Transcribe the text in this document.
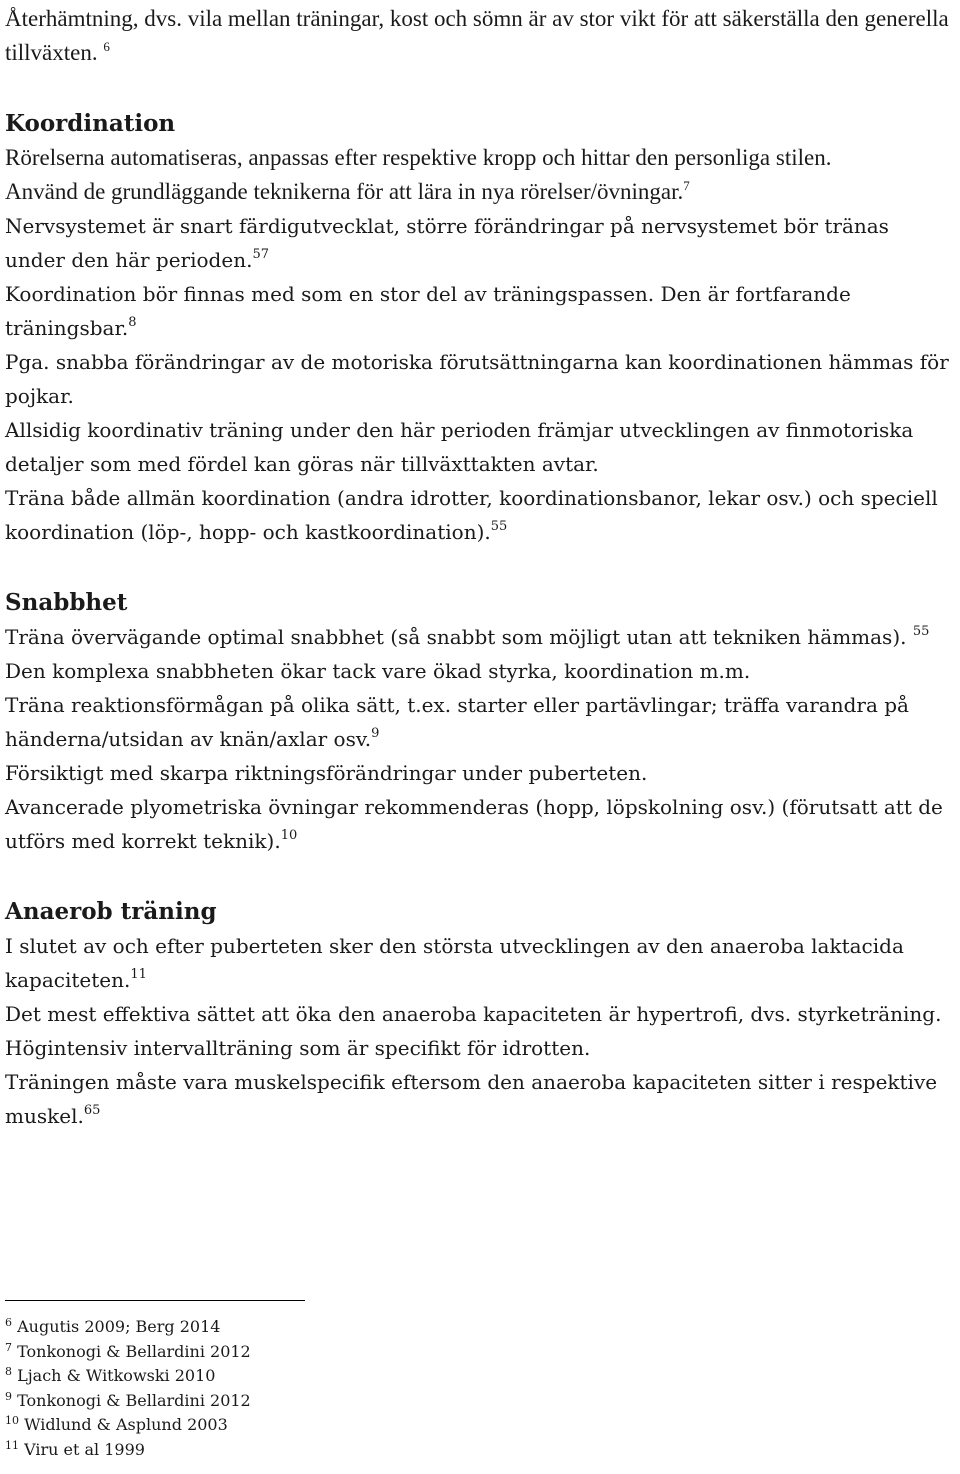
Återhämtning, dvs. vila mellan träningar, kost och sömn är av stor vikt för att säkerställa den generella tillväxten. $^6$

Koordination

Rörelserna automatiseras, anpassas efter respektive kropp och hittar den personliga stilen.

Använd de grundläggande teknikerna för att lära in nya rörelser/övningar.$^7$

Nervsystemet är snart färdigutvecklat, större förändringar på nervsystemet bör tränas under den här perioden.$^{57}$

Koordination bör finnas med som en stor del av träningspassen. Den är fortfarande träningsbar.$^8$

Pga. snabba förändringar av de motoriska förutsättningarna kan koordinationen hämmas för pojkar.

Allsidig koordinativ träning under den här perioden främjar utvecklingen av finmotoriska detaljer som med fördel kan göras när tillväxttakten avtar.

Träna både allmän koordination (andra idrotter, koordinationsbanor, lekar osv.) och speciell koordination (löp-, hopp- och kastkoordination).$^{55}$

Snabbhet

Träna övervägande optimal snabbhet (så snabbt som möjligt utan att tekniken hämmas). $^{55}$

Den komplexa snabbheten ökar tack vare ökad styrka, koordination m.m.

Träna reaktionsförmågan på olika sätt, t.ex. starter eller partävlingar; träffa varandra på händerna/utsidan av knän/axlar osv.$^9$

Försiktigt med skarpa riktningsförändringar under puberteten.

Avancerade plyometriska övningar rekommenderas (hopp, löpskolning osv.) (förutsatt att de utförs med korrekt teknik).$^{10}$

Anaerob träning

I slutet av och efter puberteten sker den största utvecklingen av den anaeroba laktacida kapaciteten.$^{11}$

Det mest effektiva sättet att öka den anaeroba kapaciteten är hypertrofi, dvs. styrketräning.

Högintensiv intervallträning som är specifikt för idrotten.

Träningen måste vara muskelspecifik eftersom den anaeroba kapaciteten sitter i respektive muskel.$^{65}$

$^6$ Augutis 2009; Berg 2014

$^7$ Tonkonogi & Bellardini 2012

$^8$ Ljach & Witkowski 2010

$^9$ Tonkonogi & Bellardini 2012

$^{10}$ Widlund & Asplund 2003

$^{11}$ Viru et al 1999
